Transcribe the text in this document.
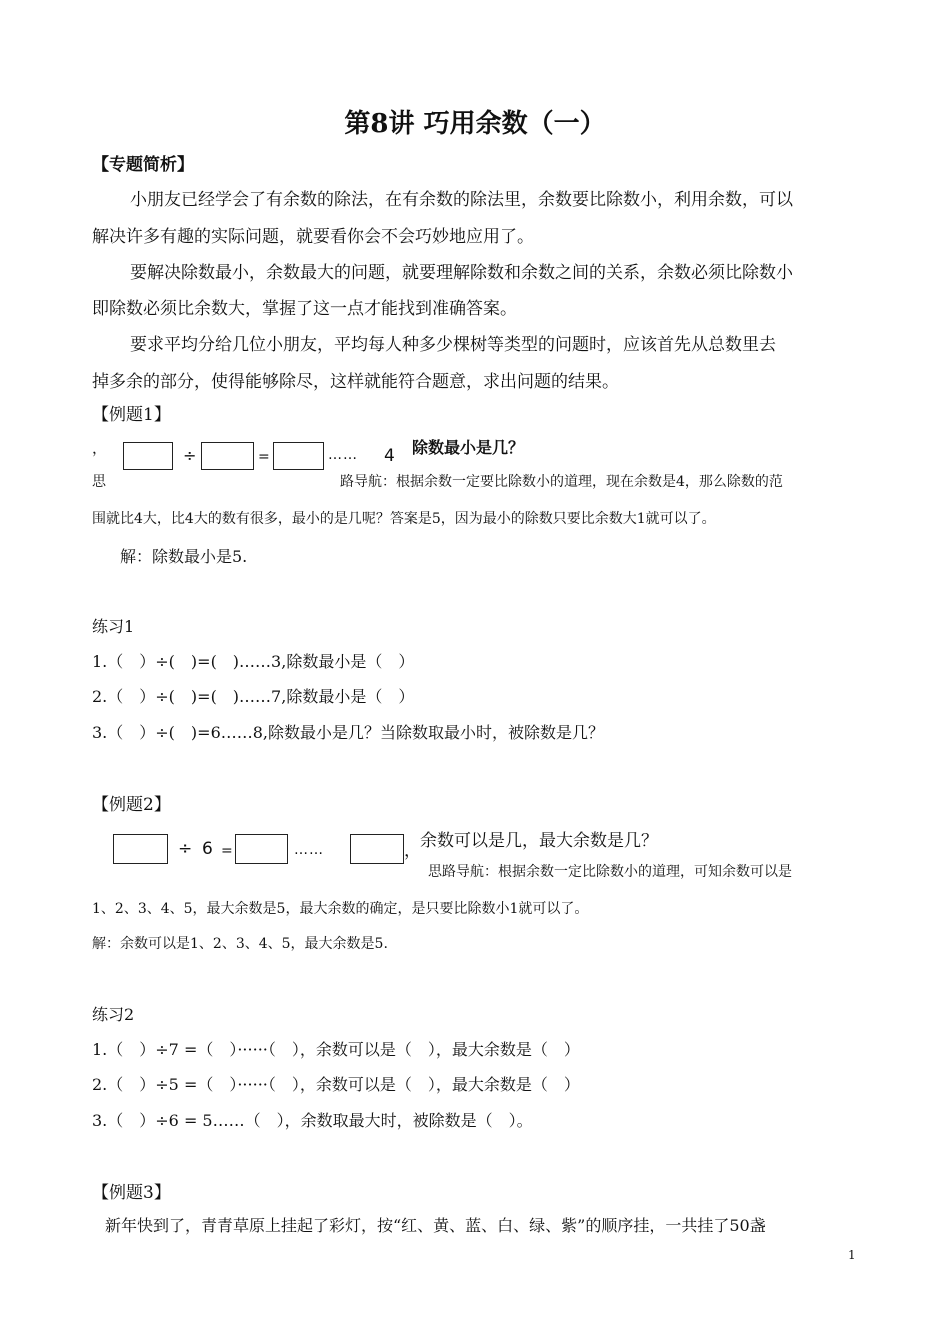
第8讲 巧用余数（一）
【专题简析】
小朋友已经学会了有余数的除法，在有余数的除法里，余数要比除数小，利用余数，可以
解决许多有趣的实际问题，就要看你会不会巧妙地应用了。
要解决除数最小，余数最大的问题，就要理解除数和余数之间的关系，余数必须比除数小
即除数必须比余数大，掌握了这一点才能找到准确答案。
要求平均分给几位小朋友，平均每人种多少棵树等类型的问题时，应该首先从总数里去
掉多余的部分，使得能够除尽，这样就能符合题意，求出问题的结果。
【例题1】
，	÷	=	…… 4 除数最小是几？
思	路导航：根据余数一定要比除数小的道理，现在余数是4，那么除数的范
围就比4大，比4大的数有很多，最小的是几呢？答案是5，因为最小的除数只要比余数大1就可以了。
解：除数最小是5.
练习1
1.（　）÷(　)=(　)……3,除数最小是（　）
2.（　）÷(　)=(　)……7,除数最小是（　）
3.（　）÷(　)=6……8,除数最小是几？当除数取最小时，被除数是几？
【例题2】
÷ 6 =	……	， 余数可以是几，最大余数是几？
思路导航：根据余数一定比除数小的道理，可知余数可以是
1、2、3、4、5，最大余数是5，最大余数的确定，是只要比除数小1就可以了。
解：余数可以是1、2、3、4、5，最大余数是5.
练习2
1.（　）÷7 =（　）······（　），余数可以是（　），最大余数是（　）
2.（　）÷5 =（　）······（　），余数可以是（　），最大余数是（　）
3.（　）÷6 = 5……（　），余数取最大时，被除数是（　）。
【例题3】
新年快到了，青青草原上挂起了彩灯，按“红、黄、蓝、白、绿、紫”的顺序挂，一共挂了50盏
1
